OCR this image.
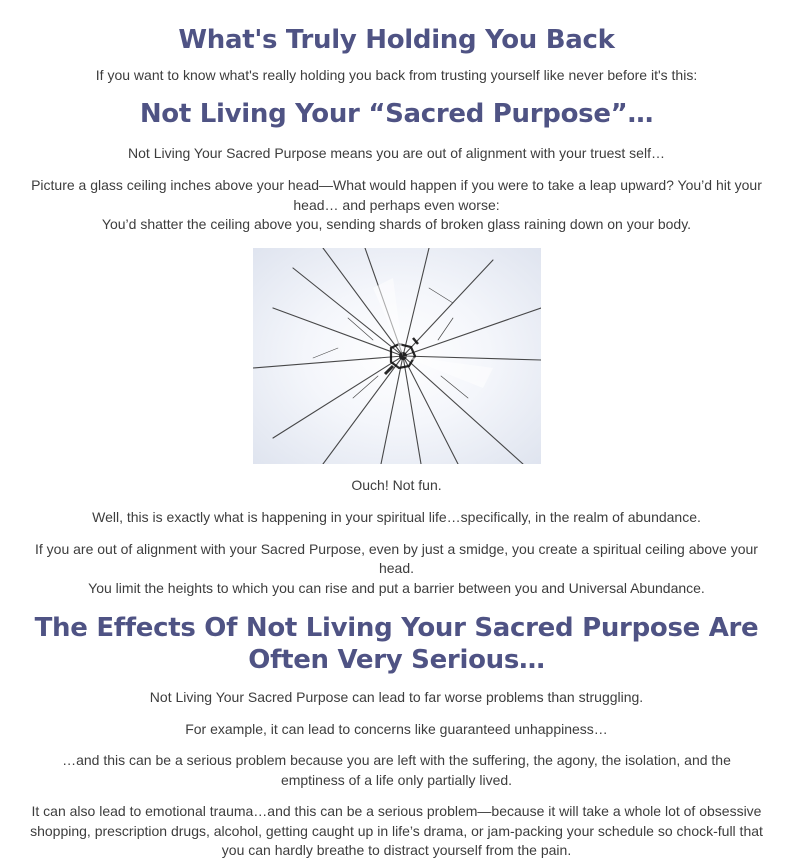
What's Truly Holding You Back

If you want to know what's really holding you back from trusting yourself like never before it's this:

Not Living Your “Sacred Purpose”…

Not Living Your Sacred Purpose means you are out of alignment with your truest self…

Picture a glass ceiling inches above your head—What would happen if you were to take a leap upward? You’d hit your head… and perhaps even worse:
You’d shatter the ceiling above you, sending shards of broken glass raining down on your body.

Ouch! Not fun.

Well, this is exactly what is happening in your spiritual life…specifically, in the realm of abundance.

If you are out of alignment with your Sacred Purpose, even by just a smidge, you create a spiritual ceiling above your head.
You limit the heights to which you can rise and put a barrier between you and Universal Abundance.

The Effects Of Not Living Your Sacred Purpose Are Often Very Serious…

Not Living Your Sacred Purpose can lead to far worse problems than struggling.

For example, it can lead to concerns like guaranteed unhappiness…

…and this can be a serious problem because you are left with the suffering, the agony, the isolation, and the emptiness of a life only partially lived.

It can also lead to emotional trauma…and this can be a serious problem—because it will take a whole lot of obsessive shopping, prescription drugs, alcohol, getting caught up in life’s drama, or jam-packing your schedule so chock-full that you can hardly breathe to distract yourself from the pain.
